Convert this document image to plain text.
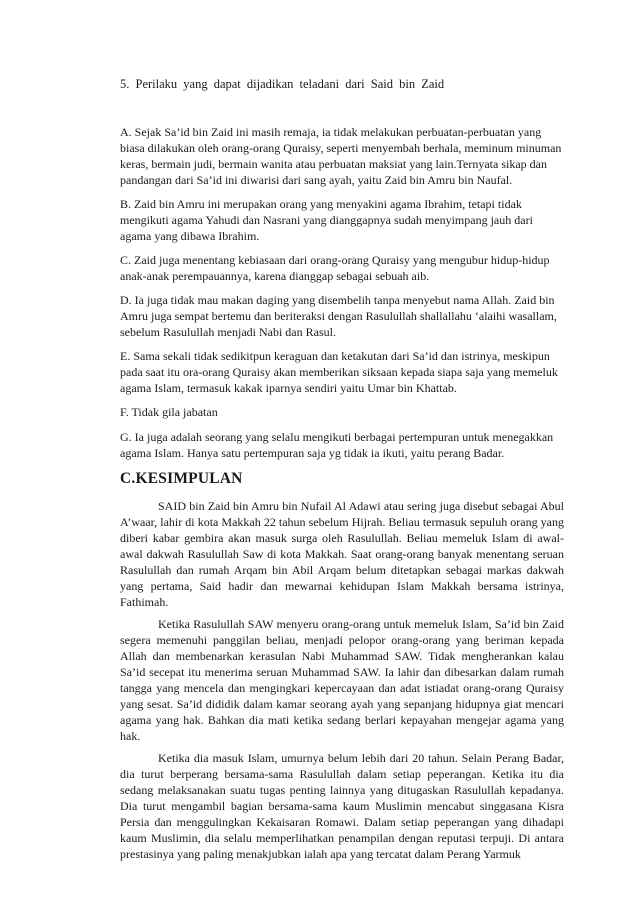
5. Perilaku yang dapat dijadikan teladani dari Said bin Zaid

A. Sejak Sa’id bin Zaid ini masih remaja, ia tidak melakukan perbuatan-perbuatan yang biasa dilakukan oleh orang-orang Quraisy, seperti menyembah berhala, meminum minuman keras, bermain judi, bermain wanita atau perbuatan maksiat yang lain.Ternyata sikap dan pandangan dari Sa’id ini diwarisi dari sang ayah, yaitu Zaid bin Amru bin Naufal.

B. Zaid bin Amru ini merupakan orang yang menyakini agama Ibrahim, tetapi tidak mengikuti agama Yahudi dan Nasrani yang dianggapnya sudah menyimpang jauh dari agama yang dibawa Ibrahim.

C. Zaid juga menentang kebiasaan dari orang-orang Quraisy yang mengubur hidup-hidup anak-anak perempauannya, karena dianggap sebagai sebuah aib.

D. Ia juga tidak mau makan daging yang disembelih tanpa menyebut nama Allah. Zaid bin Amru juga sempat bertemu dan beriteraksi dengan Rasulullah shallallahu ‘alaihi wasallam, sebelum Rasulullah menjadi Nabi dan Rasul.

E. Sama sekali tidak sedikitpun keraguan dan ketakutan dari Sa’id dan istrinya, meskipun pada saat itu ora-orang Quraisy akan memberikan siksaan kepada siapa saja yang memeluk agama Islam, termasuk kakak iparnya sendiri yaitu Umar bin Khattab.

F. Tidak gila jabatan

G. Ia juga adalah seorang yang selalu mengikuti berbagai pertempuran untuk menegakkan agama Islam. Hanya satu pertempuran saja yg tidak ia ikuti, yaitu perang Badar.

C.KESIMPULAN

SAID bin Zaid bin Amru bin Nufail Al Adawi atau sering juga disebut sebagai Abul A’waar, lahir di kota Makkah 22 tahun sebelum Hijrah. Beliau termasuk sepuluh orang yang diberi kabar gembira akan masuk surga oleh Rasulullah. Beliau memeluk Islam di awal-awal dakwah Rasulullah Saw di kota Makkah. Saat orang-orang banyak menentang seruan Rasulullah dan rumah Arqam bin Abil Arqam belum ditetapkan sebagai markas dakwah yang pertama, Said hadir dan mewarnai kehidupan Islam Makkah bersama istrinya, Fathimah.

Ketika Rasulullah SAW menyeru orang-orang untuk memeluk Islam, Sa’id bin Zaid segera memenuhi panggilan beliau, menjadi pelopor orang-orang yang beriman kepada Allah dan membenarkan kerasulan Nabi Muhammad SAW. Tidak mengherankan kalau Sa’id secepat itu menerima seruan Muhammad SAW. Ia lahir dan dibesarkan dalam rumah tangga yang mencela dan mengingkari kepercayaan dan adat istiadat orang-orang Quraisy yang sesat. Sa’id dididik dalam kamar seorang ayah yang sepanjang hidupnya giat mencari agama yang hak. Bahkan dia mati ketika sedang berlari kepayahan mengejar agama yang hak.

Ketika dia masuk Islam, umurnya belum lebih dari 20 tahun. Selain Perang Badar, dia turut berperang bersama-sama Rasulullah dalam setiap peperangan. Ketika itu dia sedang melaksanakan suatu tugas penting lainnya yang ditugaskan Rasulullah kepadanya. Dia turut mengambil bagian bersama-sama kaum Muslimin mencabut singgasana Kisra Persia dan menggulingkan Kekaisaran Romawi. Dalam setiap peperangan yang dihadapi kaum Muslimin, dia selalu memperlihatkan penampilan dengan reputasi terpuji. Di antara prestasinya yang paling menakjubkan ialah apa yang tercatat dalam Perang Yarmuk
